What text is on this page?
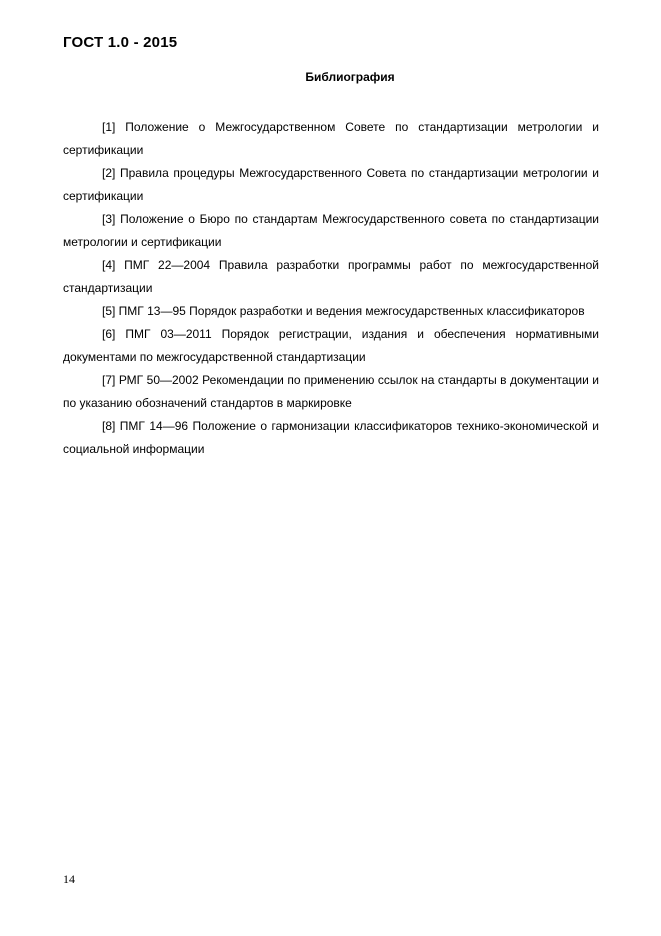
ГОСТ 1.0 - 2015
Библиография
[1] Положение о Межгосударственном Совете по стандартизации метрологии и сертификации
[2] Правила процедуры Межгосударственного Совета по стандартизации метрологии и сертификации
[3] Положение о Бюро по стандартам Межгосударственного совета по стандартизации метрологии и сертификации
[4] ПМГ 22—2004 Правила разработки программы работ по межгосударственной стандартизации
[5] ПМГ 13—95 Порядок разработки и ведения межгосударственных классификаторов
[6] ПМГ 03—2011 Порядок регистрации, издания и обеспечения нормативными документами по межгосударственной стандартизации
[7] РМГ 50—2002 Рекомендации по применению ссылок на стандарты в документации и по указанию обозначений стандартов в маркировке
[8] ПМГ 14—96 Положение о гармонизации классификаторов технико-экономической и социальной информации
14
